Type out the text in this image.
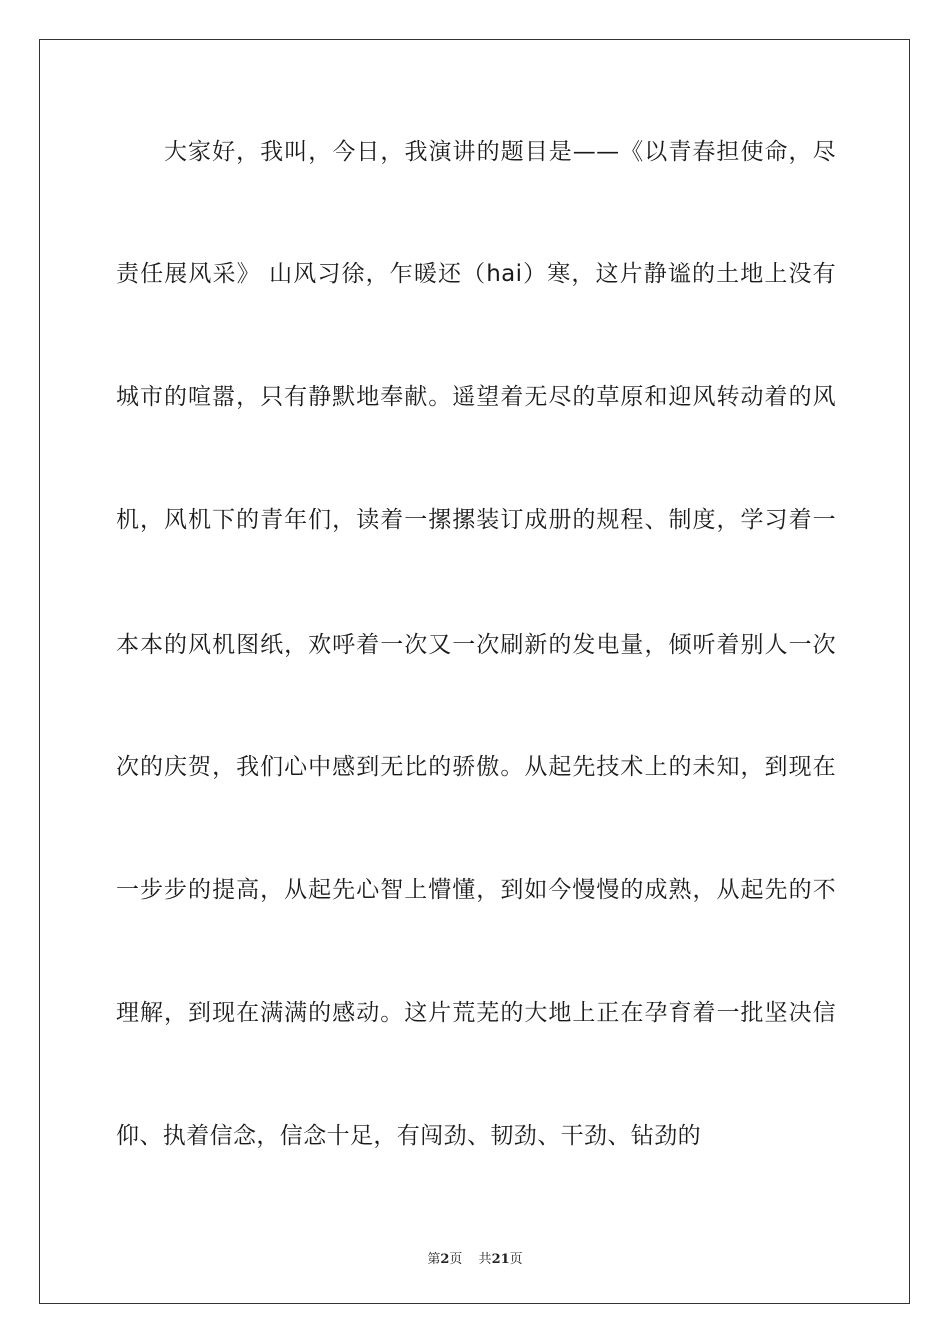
大家好，我叫，今日，我演讲的题目是——《以青春担使命，尽
责任展风采》 山风习徐，乍暖还（hai）寒，这片静谧的土地上没有
城市的喧嚣，只有静默地奉献。遥望着无尽的草原和迎风转动着的风
机，风机下的青年们，读着一摞摞装订成册的规程、制度，学习着一
本本的风机图纸，欢呼着一次又一次刷新的发电量，倾听着别人一次
次的庆贺，我们心中感到无比的骄傲。从起先技术上的未知，到现在
一步步的提高，从起先心智上懵懂，到如今慢慢的成熟，从起先的不
理解，到现在满满的感动。这片荒芜的大地上正在孕育着一批坚决信
仰、执着信念，信念十足，有闯劲、韧劲、干劲、钻劲的
第2页 共21页
